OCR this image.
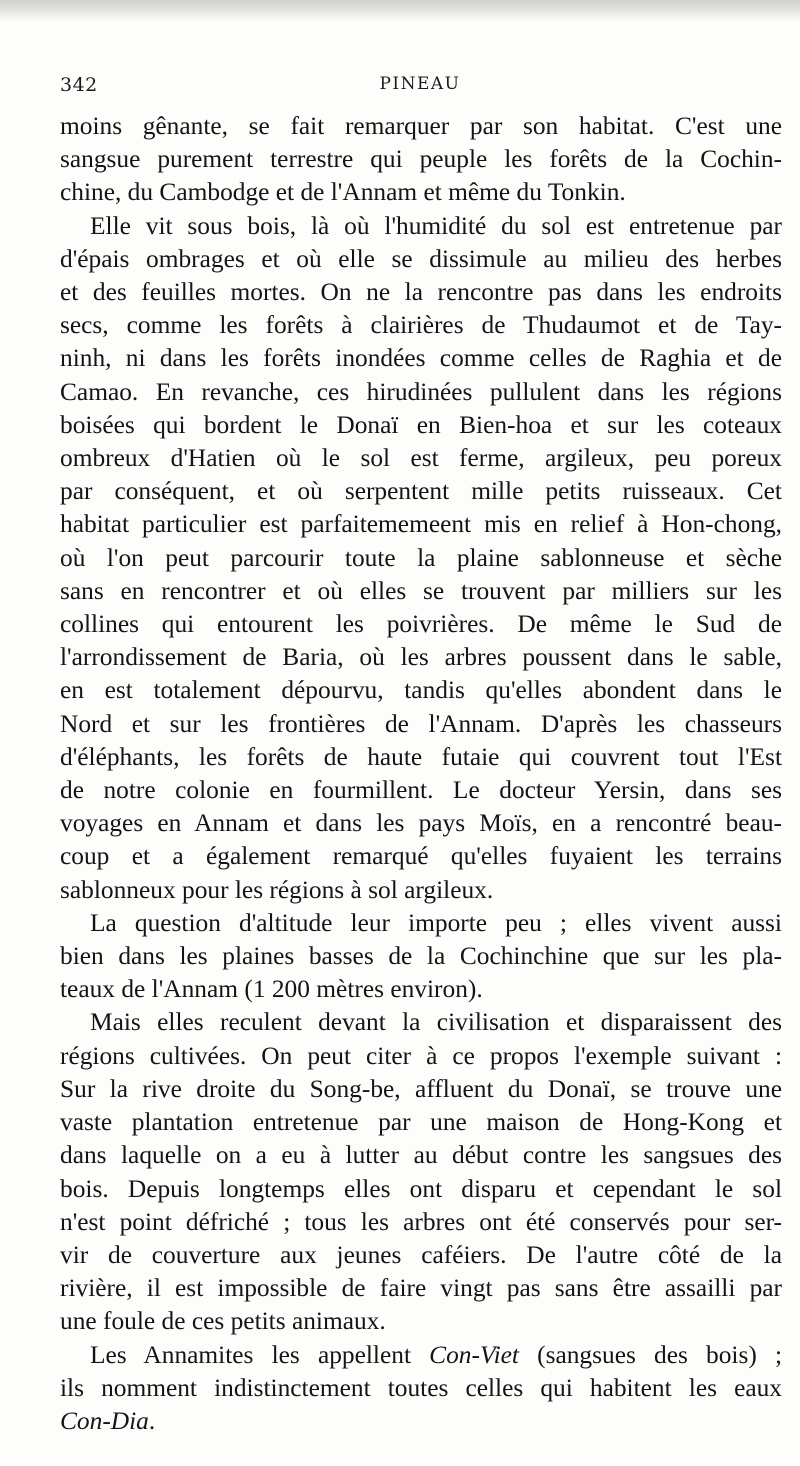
342	PINEAU

moins gênante, se fait remarquer par son habitat. C'est une
sangsue purement terrestre qui peuple les forêts de la Cochin-
chine, du Cambodge et de l'Annam et même du Tonkin.

Elle vit sous bois, là où l'humidité du sol est entretenue par
d'épais ombrages et où elle se dissimule au milieu des herbes
et des feuilles mortes. On ne la rencontre pas dans les endroits
secs, comme les forêts à clairières de Thudaumot et de Tay-
ninh, ni dans les forêts inondées comme celles de Raghia et de
Camao. En revanche, ces hirudinées pullulent dans les régions
boisées qui bordent le Donaï en Bien-hoa et sur les coteaux
ombreux d'Hatien où le sol est ferme, argileux, peu poreux
par conséquent, et où serpentent mille petits ruisseaux. Cet
habitat particulier est parfaitememeent mis en relief à Hon-chong,
où l'on peut parcourir toute la plaine sablonneuse et sèche
sans en rencontrer et où elles se trouvent par milliers sur les
collines qui entourent les poivrières. De même le Sud de
l'arrondissement de Baria, où les arbres poussent dans le sable,
en est totalement dépourvu, tandis qu'elles abondent dans le
Nord et sur les frontières de l'Annam. D'après les chasseurs
d'éléphants, les forêts de haute futaie qui couvrent tout l'Est
de notre colonie en fourmillent. Le docteur Yersin, dans ses
voyages en Annam et dans les pays Moïs, en a rencontré beau-
coup et a également remarqué qu'elles fuyaient les terrains
sablonneux pour les régions à sol argileux.

La question d'altitude leur importe peu ; elles vivent aussi
bien dans les plaines basses de la Cochinchine que sur les pla-
teaux de l'Annam (1 200 mètres environ).

Mais elles reculent devant la civilisation et disparaissent des
régions cultivées. On peut citer à ce propos l'exemple suivant :
Sur la rive droite du Song-be, affluent du Donaï, se trouve une
vaste plantation entretenue par une maison de Hong-Kong et
dans laquelle on a eu à lutter au début contre les sangsues des
bois. Depuis longtemps elles ont disparu et cependant le sol
n'est point défriché ; tous les arbres ont été conservés pour ser-
vir de couverture aux jeunes caféiers. De l'autre côté de la
rivière, il est impossible de faire vingt pas sans être assailli par
une foule de ces petits animaux.

Les Annamites les appellent Con-Viet (sangsues des bois) ;
ils nomment indistinctement toutes celles qui habitent les eaux
Con-Dia.
